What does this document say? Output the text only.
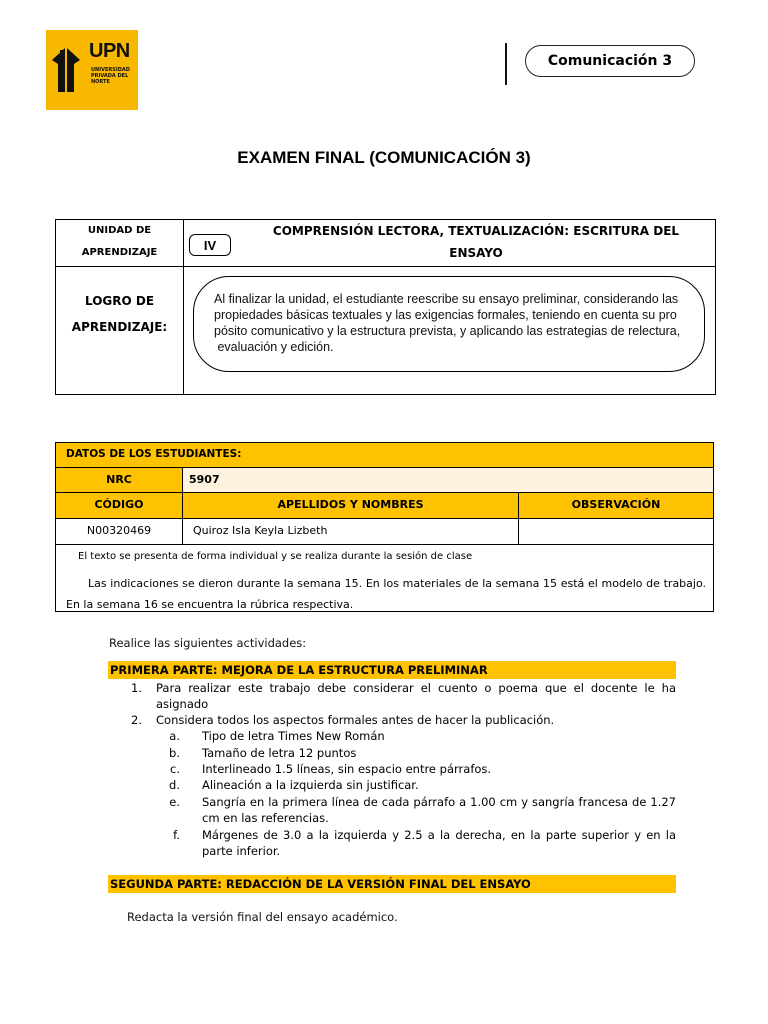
UPN
UNIVERSIDAD PRIVADA DEL NORTE
Comunicación 3
EXAMEN FINAL (COMUNICACIÓN 3)
UNIDAD DE
APRENDIZAJE	IV
COMPRENSIÓN LECTORA, TEXTUALIZACIÓN: ESCRITURA DEL
ENSAYO
LOGRO DE
APRENDIZAJE:
Al finalizar la unidad, el estudiante reescribe su ensayo preliminar, considerando las
propiedades básicas textuales y las exigencias formales, teniendo en cuenta su pro
pósito comunicativo y la estructura prevista, y aplicando las estrategias de relectura,
evaluación y edición.
DATOS DE LOS ESTUDIANTES:
NRC	5907
CÓDIGO	APELLIDOS Y NOMBRES	OBSERVACIÓN
N00320469	Quiroz Isla Keyla Lizbeth
El texto se presenta de forma individual y se realiza durante la sesión de clase
Las indicaciones se dieron durante la semana 15. En los materiales de la semana 15 está el modelo de trabajo. En la semana 16 se encuentra la rúbrica respectiva.
Realice las siguientes actividades:
PRIMERA PARTE: MEJORA DE LA ESTRUCTURA PRELIMINAR
1. Para realizar este trabajo debe considerar el cuento o poema que el docente le ha asignado
2. Considera todos los aspectos formales antes de hacer la publicación.
a. Tipo de letra Times New Román
b. Tamaño de letra 12 puntos
c. Interlineado 1.5 líneas, sin espacio entre párrafos.
d. Alineación a la izquierda sin justificar.
e. Sangría en la primera línea de cada párrafo a 1.00 cm y sangría francesa de 1.27 cm en las referencias.
f. Márgenes de 3.0 a la izquierda y 2.5 a la derecha, en la parte superior y en la parte inferior.
SEGUNDA PARTE: REDACCIÓN DE LA VERSIÓN FINAL DEL ENSAYO
Redacta la versión final del ensayo académico.
